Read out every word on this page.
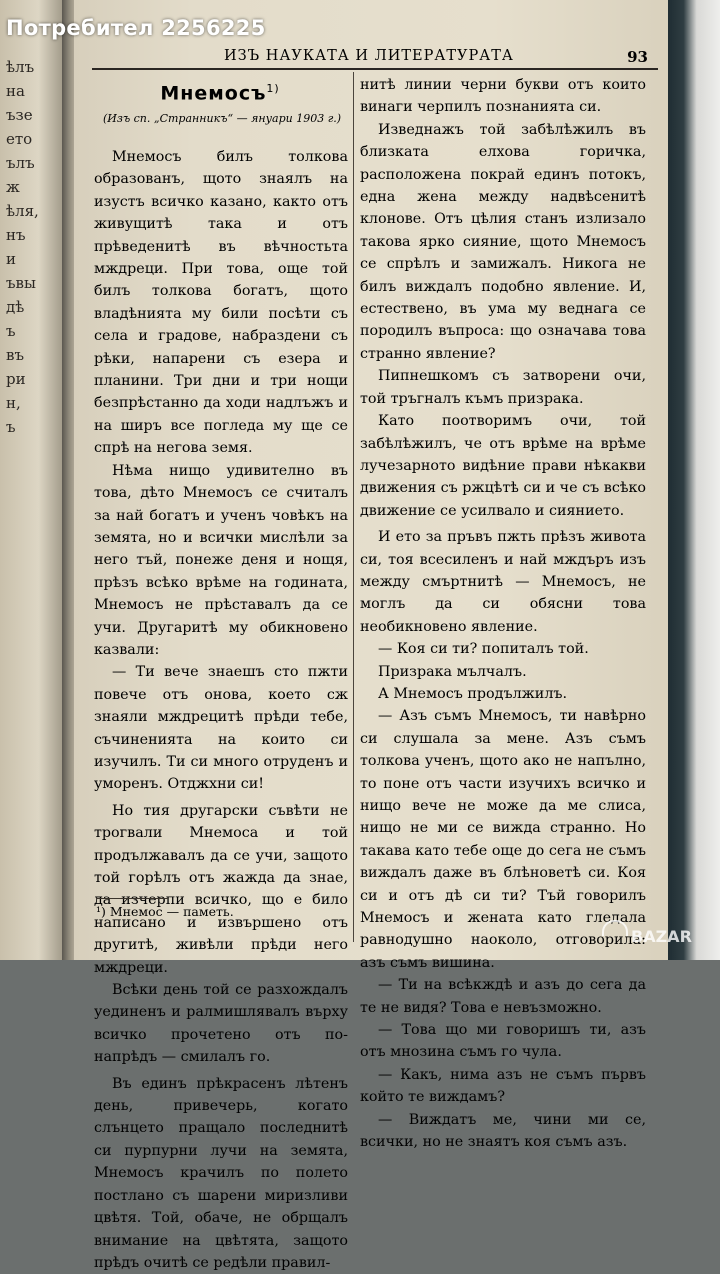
ѣлъ
на
ъзе
ето
ълъ
ж
ѣля,
нъ
и
ъвы
дѣ
ъ
въ
ри
н,
ъ
ИЗЪ НАУКАТА И ЛИТЕРАТУРАТА	93
Мнемосъ$^{1)}$
(Изъ сп. „Странникъ“ — януари 1903 г.)

Мнемосъ билъ толкова образованъ, щото знаялъ на изустъ всичко казано, както отъ живущитѣ така и отъ прѣведенитѣ въ вѣчностьта мждреци. При това, още той билъ толкова богатъ, щото владѣнията му били посѣти съ села и градове, набраздени съ рѣки, напарени съ езера и планини. Три дни и три нощи безпрѣстанно да ходи надлъжъ и на ширъ все погледа му ще се спрѣ на негова земя.

Нѣма нищо удивително въ това, дѣто Мнемосъ се считалъ за най богатъ и ученъ човѣкъ на земята, но и всички мислѣли за него тъй, понеже деня и нощя, прѣзъ всѣко врѣме на годината, Мнемосъ не прѣставалъ да се учи. Другаритѣ му обикновено казвали:

— Ти вече знаешъ сто пжти повече отъ онова, което сж знаяли мждрецитѣ прѣди тебе, съчиненията на които си изучилъ. Ти си много отруденъ и уморенъ. Отджхни си!

Но тия другарски съвѣти не трогвали Мнемоса и той продължавалъ да се учи, защото той горѣлъ отъ жажда да знае, да изчерпи всичко, що е било написано и извършено отъ другитѣ, живѣли прѣди него мждреци.

Всѣки день той се разхождалъ уединенъ и ралмишлявалъ върху всичко прочетено отъ по-напрѣдъ — смилалъ го.

Въ единъ прѣкрасенъ лѣтенъ день, привечерь, когато слънцето пращало последнитѣ си пурпурни лучи на земята, Мнемосъ крачилъ по полето постлано съ шарени миризливи цвѣтя. Той, обаче, не обрщалъ внимание на цвѣтята, защото прѣдъ очитѣ се редѣли правил-

нитѣ линии черни букви отъ които винаги черпилъ познанията си.

Изведнажъ той забѣлѣжилъ въ близката елхова горичка, расположена покрай единъ потокъ, една жена между надвѣсенитѣ клонове. Отъ цѣлия станъ излизало такова ярко сияние, щото Мнемосъ се спрѣлъ и замижалъ. Никога не билъ виждалъ подобно явление. И, естествено, въ ума му веднага се породилъ въпроса: що означава това странно явление?

Пипнешкомъ съ затворени очи, той тръгналъ къмъ призрака.

Като поотворимъ очи, той забѣлѣжилъ, че отъ врѣме на врѣме лучезарното видѣние прави нѣкакви движения съ ржцѣтѣ си и че съ всѣко движение се усилвало и сиянието.

И ето за пръвъ пжть прѣзъ живота си, тоя всесиленъ и най мждъръ изъ между смъртнитѣ — Мнемосъ, не моглъ да си обясни това необикновено явление.

— Коя си ти? попиталъ той.

Призрака мълчалъ.

А Мнемосъ продължилъ.

— Азъ съмъ Мнемосъ, ти навѣрно си слушала за мене. Азъ съмъ толкова ученъ, щото ако не напълно, то поне отъ части изучихъ всичко и нищо вече не може да ме слиса, нищо не ми се вижда странно. Но такава като тебе още до сега не съмъ виждалъ даже въ блѣноветѣ си. Коя си и отъ дѣ си ти? Тъй говорилъ Мнемосъ и жената като гледала равнодушно наоколо, отговорила: азъ съмъ вишина.

— Ти на всѣкждѣ и азъ до сега да те не видя? Това е невъзможно.

— Това що ми говоришъ ти, азъ отъ мнозина съмъ го чула.

— Какъ, нима азъ не съмъ първъ който те виждамъ?

— Виждатъ ме, чини ми се, всички, но не знаятъ коя съмъ азъ.

¹) Мнемос — паметь.
Потребител 2256225
BAZAR
